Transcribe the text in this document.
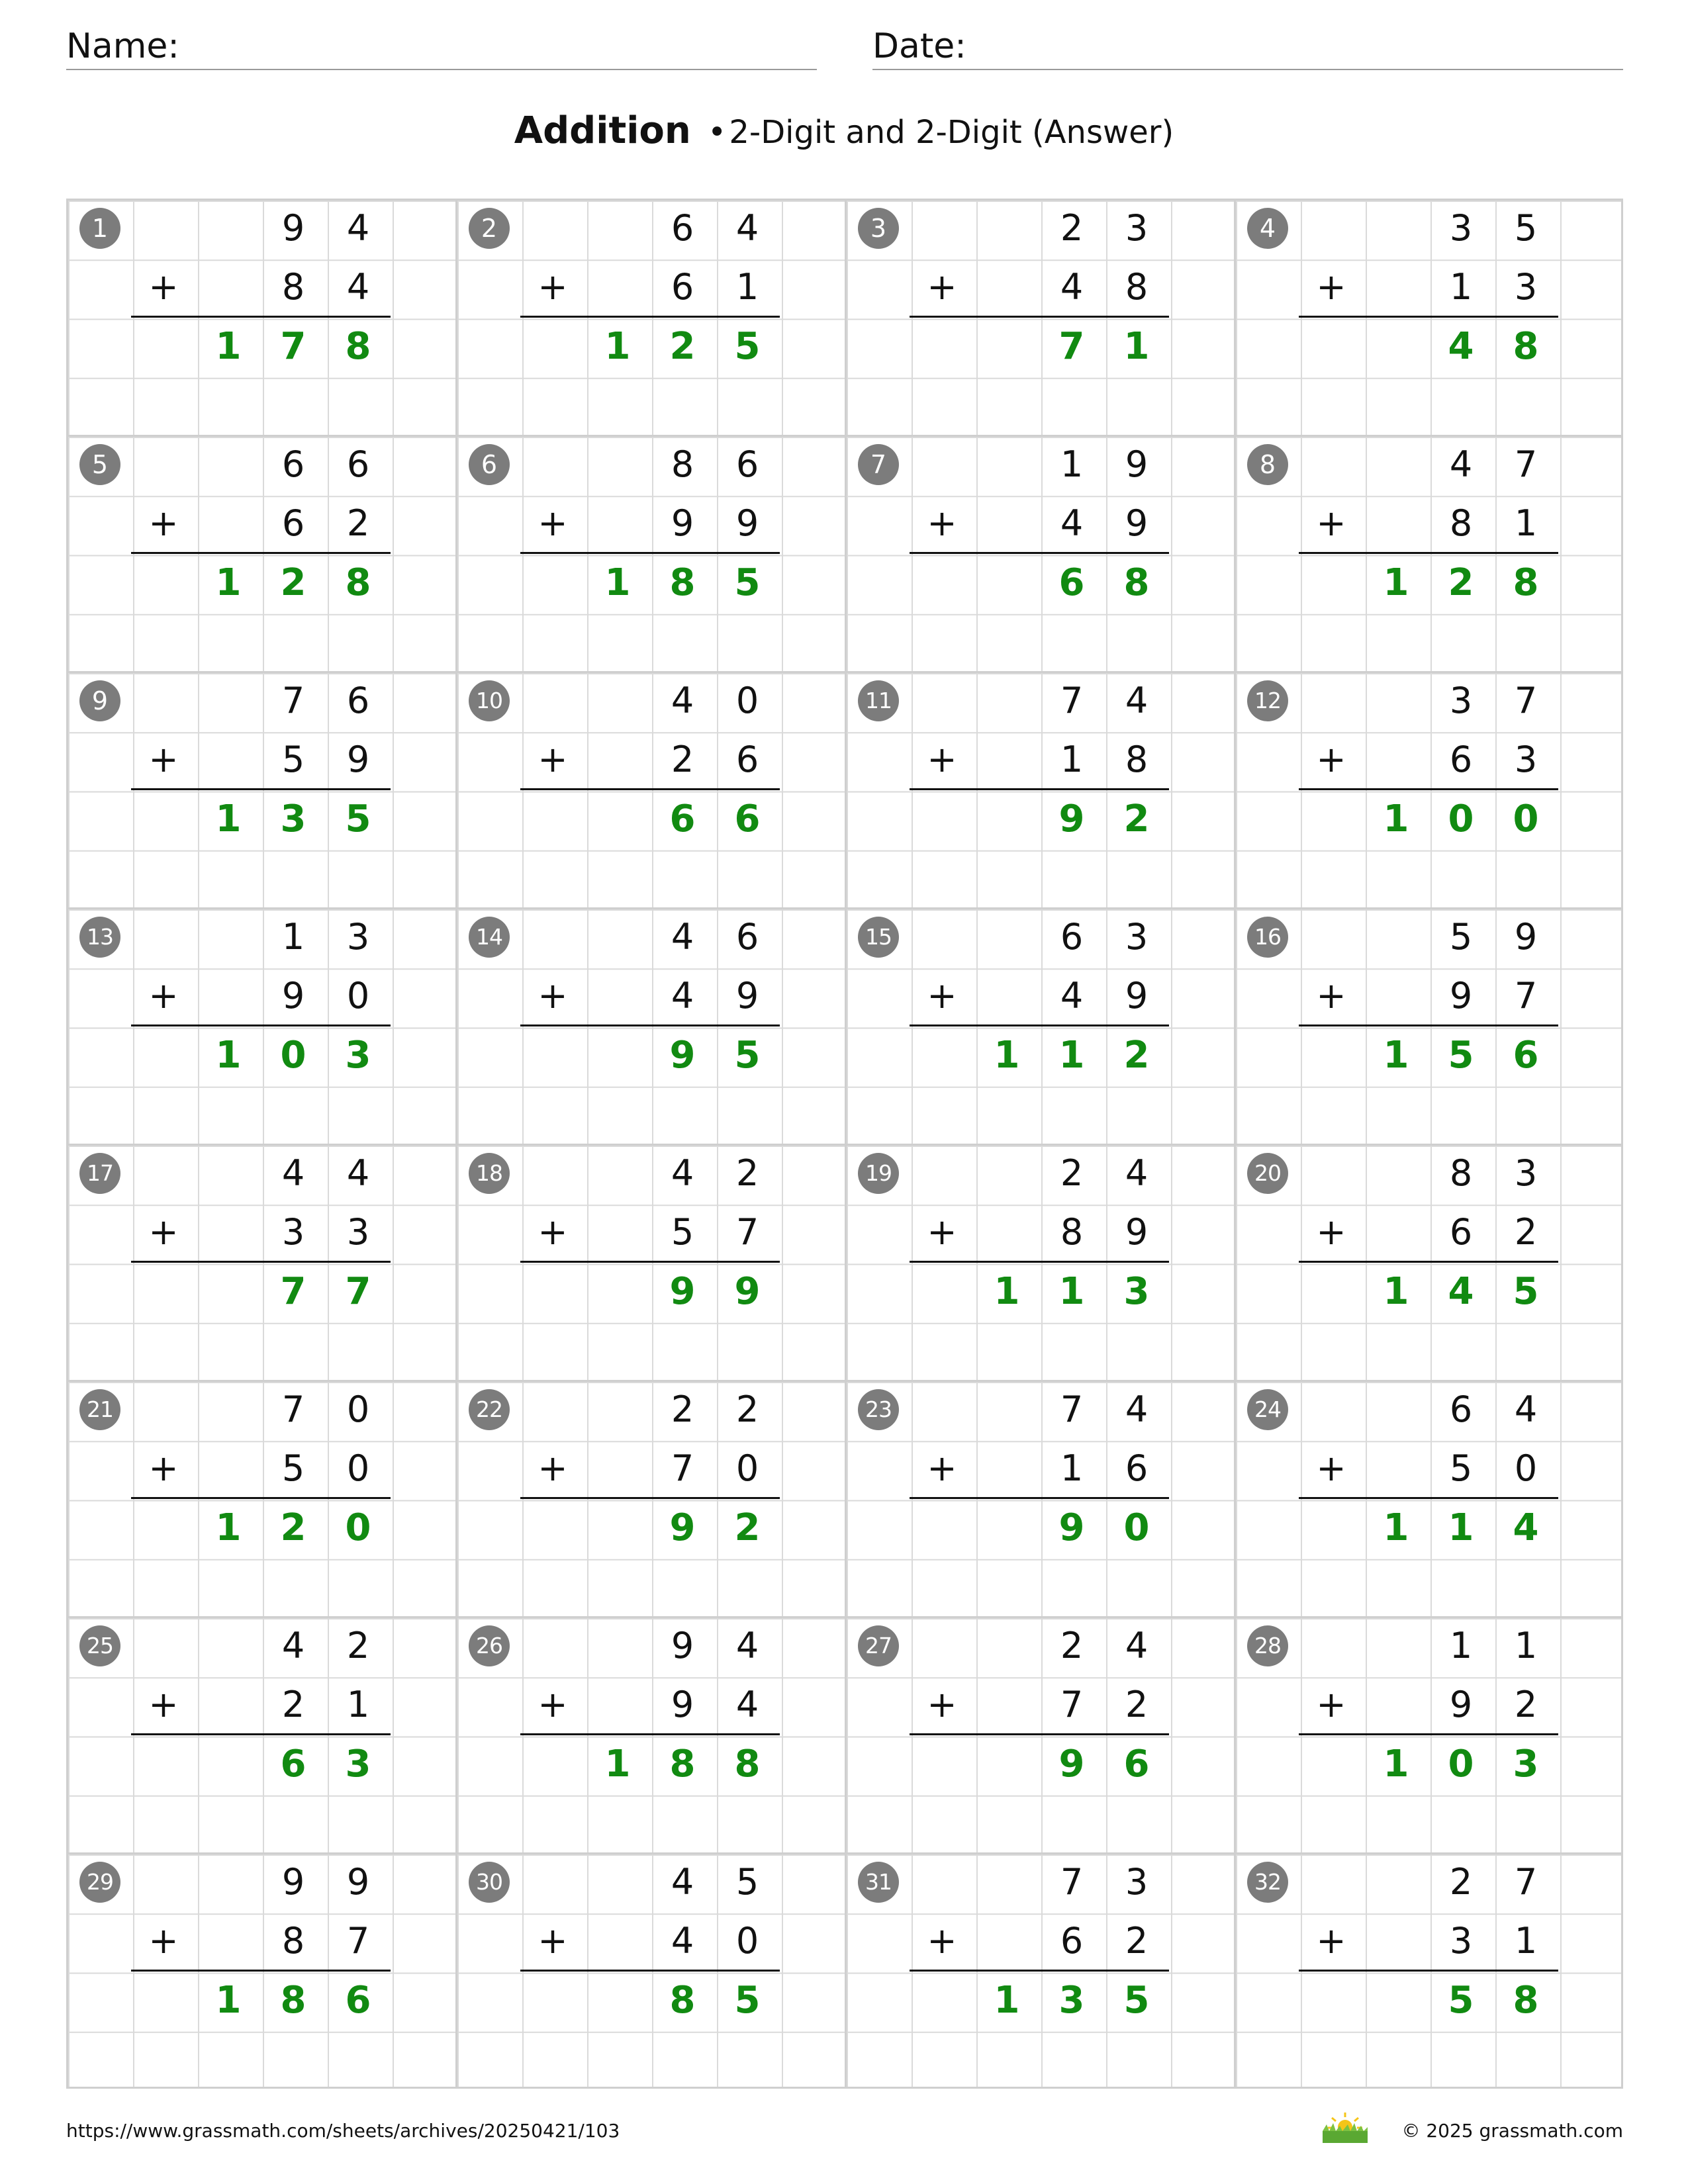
Name:	Date:
Addition •2-Digit and 2-Digit (Answer)
1	9	4
+	8	4
1	7	8
2	6	4
+	6	1
1	2	5
3	2	3
+	4	8
7	1
4	3	5
+	1	3
4	8
5	6	6
+	6	2
1	2	8
6	8	6
+	9	9
1	8	5
7	1	9
+	4	9
6	8
8	4	7
+	8	1
1	2	8
9	7	6
+	5	9
1	3	5
10	4	0
+	2	6
6	6
11	7	4
+	1	8
9	2
12	3	7
+	6	3
1	0	0
13	1	3
+	9	0
1	0	3
14	4	6
+	4	9
9	5
15	6	3
+	4	9
1	1	2
16	5	9
+	9	7
1	5	6
17	4	4
+	3	3
7	7
18	4	2
+	5	7
9	9
19	2	4
+	8	9
1	1	3
20	8	3
+	6	2
1	4	5
21	7	0
+	5	0
1	2	0
22	2	2
+	7	0
9	2
23	7	4
+	1	6
9	0
24	6	4
+	5	0
1	1	4
25	4	2
+	2	1
6	3
26	9	4
+	9	4
1	8	8
27	2	4
+	7	2
9	6
28	1	1
+	9	2
1	0	3
29	9	9
+	8	7
1	8	6
30	4	5
+	4	0
8	5
31	7	3
+	6	2
1	3	5
32	2	7
+	3	1
5	8
https://www.grassmath.com/sheets/archives/20250421/103	© 2025 grassmath.com
